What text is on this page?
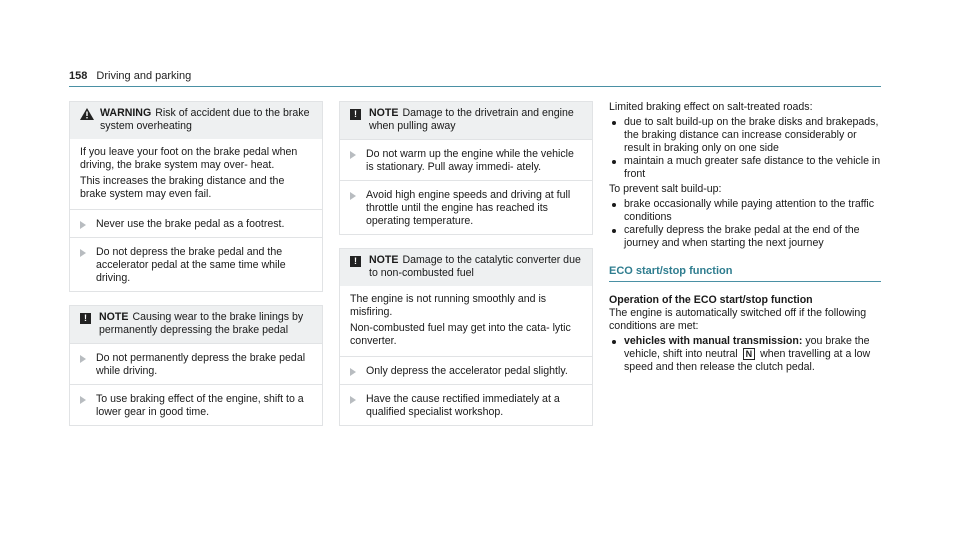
158 Driving and parking
WARNING Risk of accident due to the brake system overheating

If you leave your foot on the brake pedal when driving, the brake system may over- heat.

This increases the braking distance and the brake system may even fail.

Never use the brake pedal as a footrest.
Do not depress the brake pedal and the accelerator pedal at the same time while driving.
!	NOTE Causing wear to the brake linings by permanently depressing the brake pedal
Do not permanently depress the brake pedal while driving.
To use braking effect of the engine, shift to a lower gear in good time.
!	NOTE Damage to the drivetrain and engine when pulling away
Do not warm up the engine while the vehicle is stationary. Pull away immedi- ately.
Avoid high engine speeds and driving at full throttle until the engine has reached its operating temperature.
!	NOTE Damage to the catalytic converter due to non-combusted fuel

The engine is not running smoothly and is misfiring.

Non-combusted fuel may get into the cata- lytic converter.

Only depress the accelerator pedal slightly.
Have the cause rectified immediately at a qualified specialist workshop.

Limited braking effect on salt-treated roads:

due to salt build-up on the brake disks and brakepads, the braking distance can increase considerably or result in braking only on one side
maintain a much greater safe distance to the vehicle in front

To prevent salt build-up:

brake occasionally while paying attention to the traffic conditions
carefully depress the brake pedal at the end of the journey and when starting the next journey
ECO start/stop function
Operation of the ECO start/stop function

The engine is automatically switched off if the following conditions are met:

vehicles with manual transmission: you brake the vehicle, shift into neutral N when travelling at a low speed and then release the clutch pedal.
